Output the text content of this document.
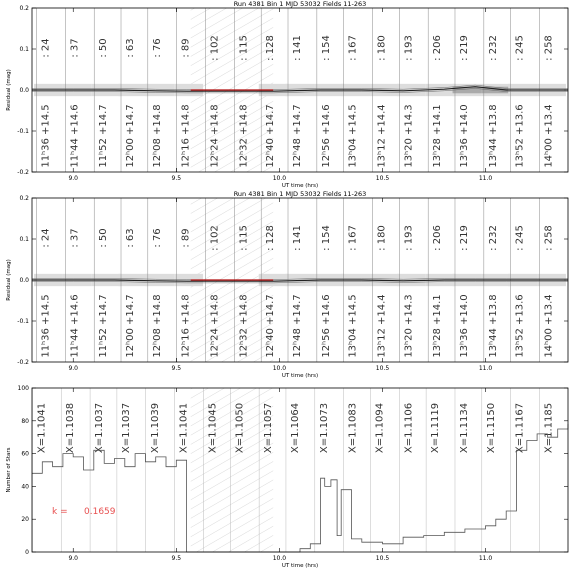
Run 4381 Bin 1 MJD 53032 Fields 11-263
: 24
11ʰ36 +14.5
: 37
11ʰ44 +14.6
: 50
11ʰ52 +14.7
: 63
12ʰ00 +14.7
: 76
12ʰ08 +14.8
: 89
12ʰ16 +14.8
: 102
12ʰ24 +14.8
: 115
12ʰ32 +14.8
: 128
12ʰ40 +14.7
: 141
12ʰ48 +14.7
: 154
12ʰ56 +14.6
: 167
13ʰ04 +14.5
: 180
13ʰ12 +14.4
: 193
13ʰ20 +14.3
: 206
13ʰ28 +14.1
: 219
13ʰ36 +14.0
: 232
13ʰ44 +13.8
: 245
13ʰ52 +13.6
: 258
14ʰ00 +13.4
0.2
0.1
0.0
-0.1
-0.2
9.0	9.5	10.0	10.5	11.0
UT time (hrs)
Residual (mag)
Run 4381 Bin 1 MJD 53032 Fields 11-263
: 24
11ʰ36 +14.5
: 37
11ʰ44 +14.6
: 50
11ʰ52 +14.7
: 63
12ʰ00 +14.7
: 76
12ʰ08 +14.8
: 89
12ʰ16 +14.8
: 102
12ʰ24 +14.8
: 115
12ʰ32 +14.8
: 128
12ʰ40 +14.7
: 141
12ʰ48 +14.7
: 154
12ʰ56 +14.6
: 167
13ʰ04 +14.5
: 180
13ʰ12 +14.4
: 193
13ʰ20 +14.3
: 206
13ʰ28 +14.1
: 219
13ʰ36 +14.0
: 232
13ʰ44 +13.8
: 245
13ʰ52 +13.6
: 258
14ʰ00 +13.4
0.2
0.1
0.0
-0.1
-0.2
9.0	9.5	10.0	10.5	11.0
UT time (hrs)
Residual (mag)
X=1.1041 X=1.1038 X=1.1037 X=1.1037 X=1.1039 X=1.1041 X=1.1045 X=1.1050 X=1.1057 X=1.1064 X=1.1073 X=1.1083 X=1.1094 X=1.1106 X=1.1119 X=1.1134 X=1.1150 X=1.1167 X=1.1185
k = 0.1659
100
80
60
40
20
0
9.0	9.5	10.0	10.5	11.0
UT time (hrs)
Number of Stars
